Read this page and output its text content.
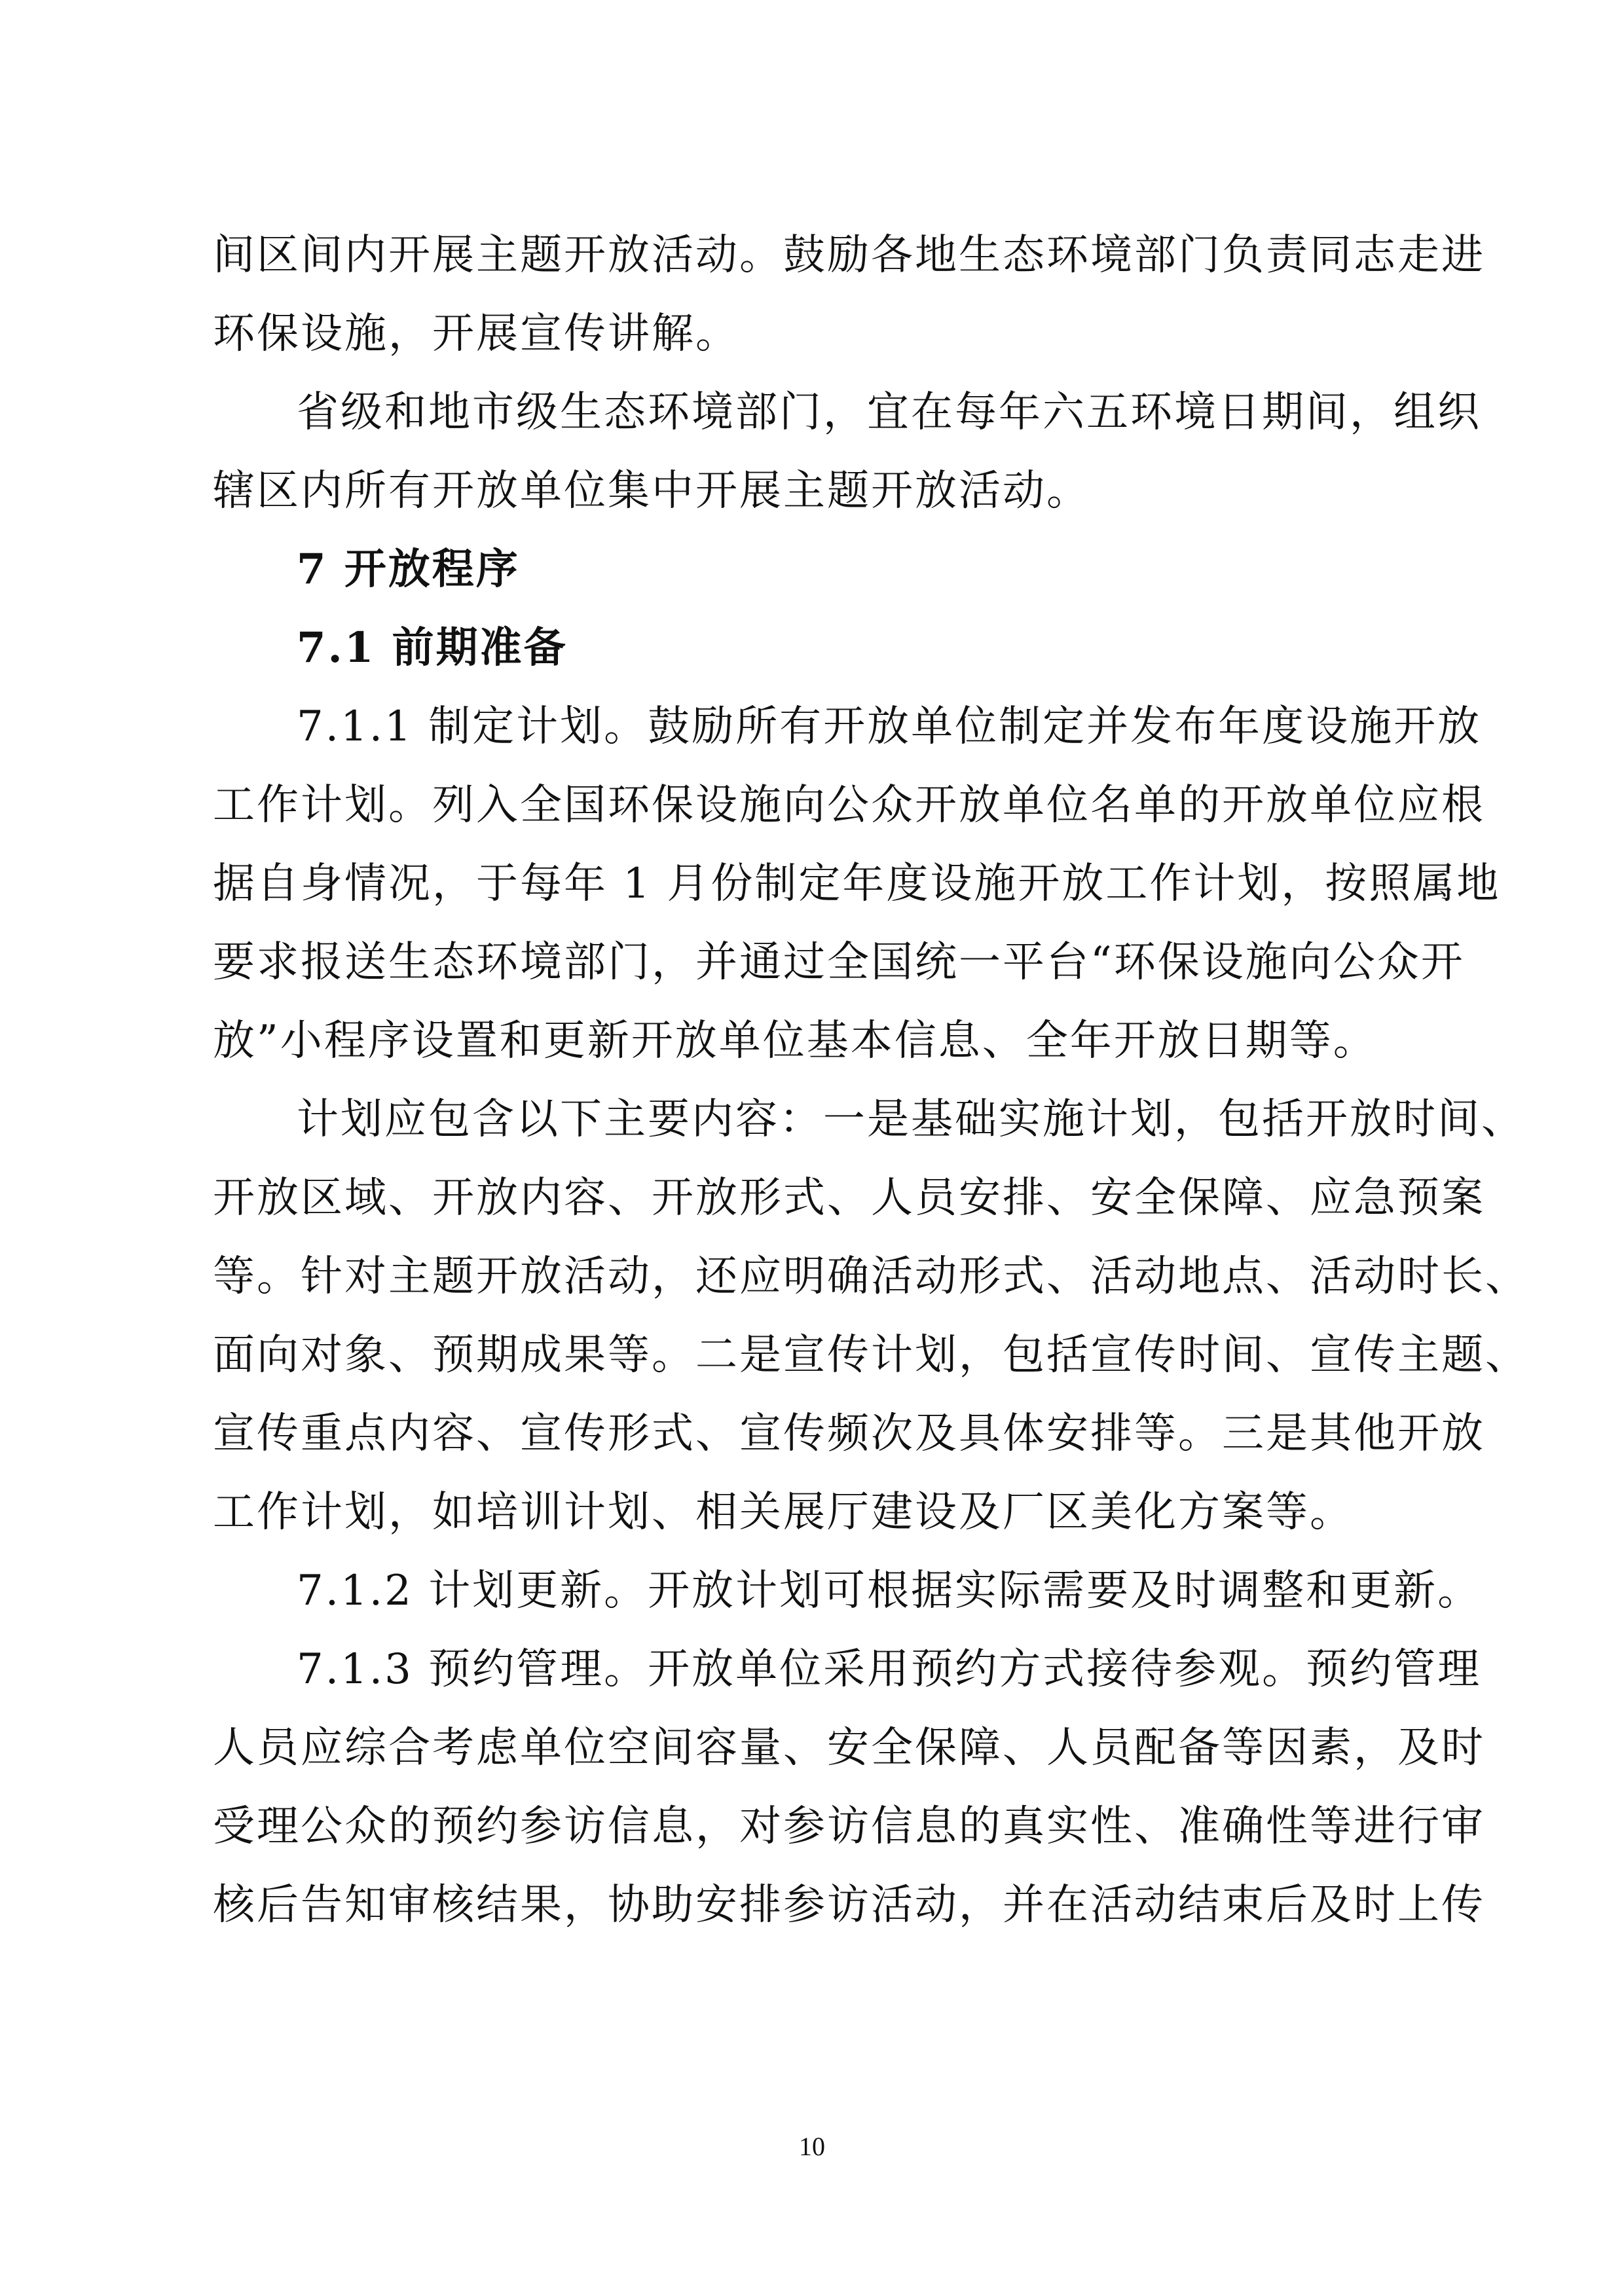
间区间内开展主题开放活动。鼓励各地生态环境部门负责同志走进
环保设施，开展宣传讲解。
省级和地市级生态环境部门，宜在每年六五环境日期间，组织
辖区内所有开放单位集中开展主题开放活动。
7 开放程序
7.1 前期准备
7.1.1 制定计划。鼓励所有开放单位制定并发布年度设施开放
工作计划。列入全国环保设施向公众开放单位名单的开放单位应根
据自身情况，于每年 1 月份制定年度设施开放工作计划，按照属地
要求报送生态环境部门，并通过全国统一平台“环保设施向公众开
放”小程序设置和更新开放单位基本信息、全年开放日期等。
计划应包含以下主要内容：一是基础实施计划，包括开放时间、
开放区域、开放内容、开放形式、人员安排、安全保障、应急预案
等。针对主题开放活动，还应明确活动形式、活动地点、活动时长、
面向对象、预期成果等。二是宣传计划，包括宣传时间、宣传主题、
宣传重点内容、宣传形式、宣传频次及具体安排等。三是其他开放
工作计划，如培训计划、相关展厅建设及厂区美化方案等。
7.1.2 计划更新。开放计划可根据实际需要及时调整和更新。
7.1.3 预约管理。开放单位采用预约方式接待参观。预约管理
人员应综合考虑单位空间容量、安全保障、人员配备等因素，及时
受理公众的预约参访信息，对参访信息的真实性、准确性等进行审
核后告知审核结果，协助安排参访活动，并在活动结束后及时上传
10
